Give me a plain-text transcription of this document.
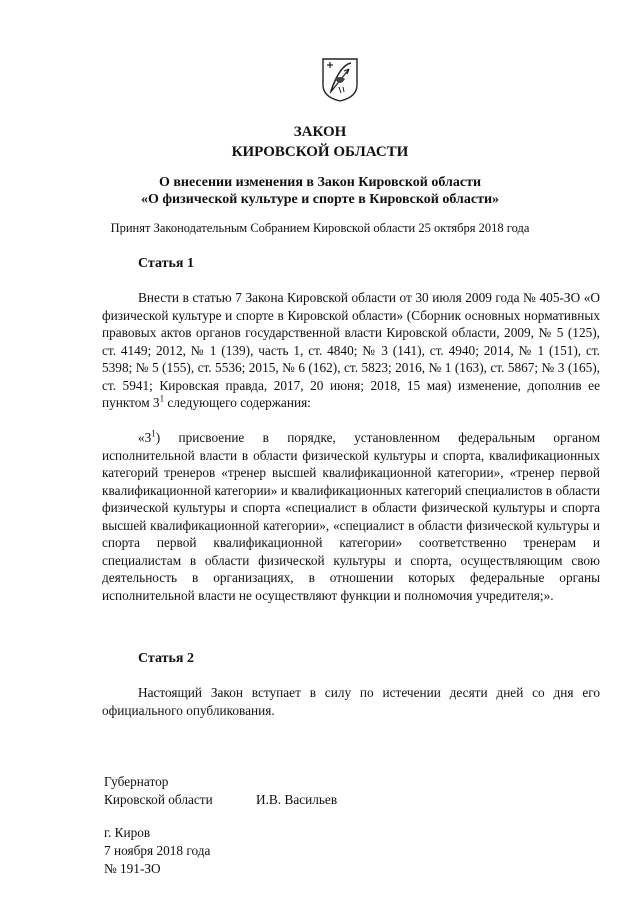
ЗАКОН
КИРОВСКОЙ ОБЛАСТИ
О внесении изменения в Закон Кировской области
«О физической культуре и спорте в Кировской области»
Принят Законодательным Собранием Кировской области 25 октября 2018 года
Статья 1

Внести в статью 7 Закона Кировской области от 30 июля 2009 года № 405-ЗО «О физической культуре и спорте в Кировской области» (Сборник основных нормативных правовых актов органов государственной власти Кировской области, 2009, № 5 (125), ст. 4149; 2012, № 1 (139), часть 1, ст. 4840; № 3 (141), ст. 4940; 2014, № 1 (151), ст. 5398; № 5 (155), ст. 5536; 2015, № 6 (162), ст. 5823; 2016, № 1 (163), ст. 5867; № 3 (165), ст. 5941; Кировская правда, 2017, 20 июня; 2018, 15 мая) изменение, дополнив ее пунктом $3^1$ следующего содержания:

«$3^1$) присвоение в порядке, установленном федеральным органом исполнительной власти в области физической культуры и спорта, квалификационных категорий тренеров «тренер высшей квалификационной категории», «тренер первой квалификационной категории» и квалификационных категорий специалистов в области физической культуры и спорта «специалист в области физической культуры и спорта высшей квалификационной категории», «специалист в области физической культуры и спорта первой квалификационной категории» соответственно тренерам и специалистам в области физической культуры и спорта, осуществляющим свою деятельность в организациях, в отношении которых федеральные органы исполнительной власти не осуществляют функции и полномочия учредителя;».

Статья 2

Настоящий Закон вступает в силу по истечении десяти дней со дня его официального опубликования.

Губернатор
Кировской области	И.В. Васильев
г. Киров
7 ноября 2018 года
№ 191-ЗО
